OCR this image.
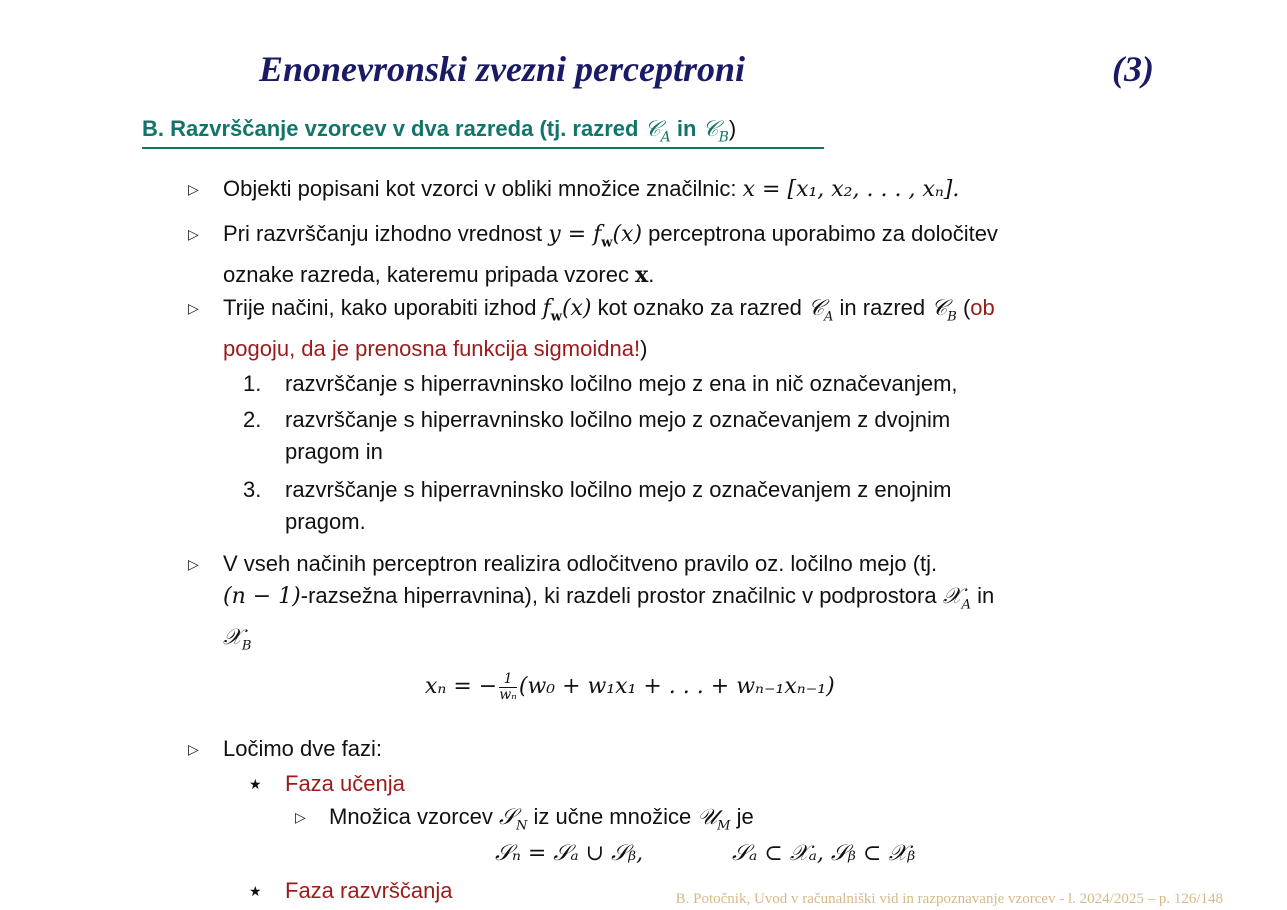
Enonevronski zvezni perceptroni	(3)
B. Razvrščanje vzorcev v dva razreda (tj. razred 𝒞$_A$ in 𝒞$_B$)
▷ Objekti popisani kot vzorci v obliki množice značilnic: x = [x₁, x₂, . . . , xₙ].
▷ Pri razvrščanju izhodno vrednost $y = f_w(x)$ perceptrona uporabimo za določitev
oznake razreda, kateremu pripada vzorec x.
▷ Trije načini, kako uporabiti izhod $f_w(x)$ kot oznako za razred 𝒞$_A$ in razred 𝒞$_B$ (ob
pogoju, da je prenosna funkcija sigmoidna!)
1. razvrščanje s hiperravninsko ločilno mejo z ena in nič označevanjem,
2. razvrščanje s hiperravninsko ločilno mejo z označevanjem z dvojnim
pragom in
3. razvrščanje s hiperravninsko ločilno mejo z označevanjem z enojnim
pragom.
▷ V vseh načinih perceptron realizira odločitveno pravilo oz. ločilno mejo (tj.
(n − 1)-razsežna hiperravnina), ki razdeli prostor značilnic v podprostora 𝒳$_A$ in
𝒳$_B$
xₙ = − $\frac{1}{\text{wₙ}} (w_0 + w_1x_1$ + . . . + wₙ₋₁xₙ₋₁)
▷ Ločimo dve fazi:
★ Faza učenja
▷ Množica vzorcev 𝒮$_N$ iz učne množice 𝒰$_M$ je
𝒮ₙ = 𝒮ₐ ∪ 𝒮ᵦ,	𝒮ₐ ⊂ 𝒳ₐ, 𝒮ᵦ ⊂ 𝒳ᵦ
★ Faza razvrščanja	B. Potočnik, Uvod v računalniški vid in razpoznavanje vzorcev - l. 2024/2025 – p. 126/148
